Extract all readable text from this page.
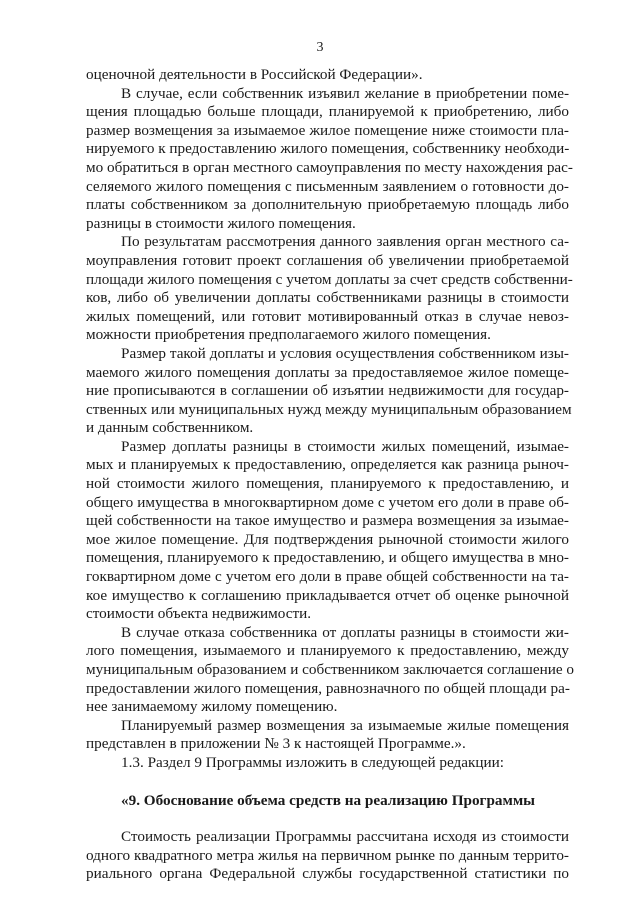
3
оценочной деятельности в Российской Федерации».
В случае, если собственник изъявил желание в приобретении поме-
щения площадью больше площади, планируемой к приобретению, либо
размер возмещения за изымаемое жилое помещение ниже стоимости пла-
нируемого к предоставлению жилого помещения, собственнику необходи-
мо обратиться в орган местного самоуправления по месту нахождения рас-
селяемого жилого помещения с письменным заявлением о готовности до-
платы собственником за дополнительную приобретаемую площадь либо
разницы в стоимости жилого помещения.
По результатам рассмотрения данного заявления орган местного са-
моуправления готовит проект соглашения об увеличении приобретаемой
площади жилого помещения с учетом доплаты за счет средств собственни-
ков, либо об увеличении доплаты собственниками разницы в стоимости
жилых помещений, или готовит мотивированный отказ в случае невоз-
можности приобретения предполагаемого жилого помещения.
Размер такой доплаты и условия осуществления собственником изы-
маемого жилого помещения доплаты за предоставляемое жилое помеще-
ние прописываются в соглашении об изъятии недвижимости для государ-
ственных или муниципальных нужд между муниципальным образованием
и данным собственником.
Размер доплаты разницы в стоимости жилых помещений, изымае-
мых и планируемых к предоставлению, определяется как разница рыноч-
ной стоимости жилого помещения, планируемого к предоставлению, и
общего имущества в многоквартирном доме с учетом его доли в праве об-
щей собственности на такое имущество и размера возмещения за изымае-
мое жилое помещение. Для подтверждения рыночной стоимости жилого
помещения, планируемого к предоставлению, и общего имущества в мно-
гоквартирном доме с учетом его доли в праве общей собственности на та-
кое имущество к соглашению прикладывается отчет об оценке рыночной
стоимости объекта недвижимости.
В случае отказа собственника от доплаты разницы в стоимости жи-
лого помещения, изымаемого и планируемого к предоставлению, между
муниципальным образованием и собственником заключается соглашение о
предоставлении жилого помещения, равнозначного по общей площади ра-
нее занимаемому жилому помещению.
Планируемый размер возмещения за изымаемые жилые помещения
представлен в приложении № 3 к настоящей Программе.».
1.3. Раздел 9 Программы изложить в следующей редакции:
«9. Обоснование объема средств на реализацию Программы
Стоимость реализации Программы рассчитана исходя из стоимости
одного квадратного метра жилья на первичном рынке по данным террито-
риального органа Федеральной службы государственной статистики по
